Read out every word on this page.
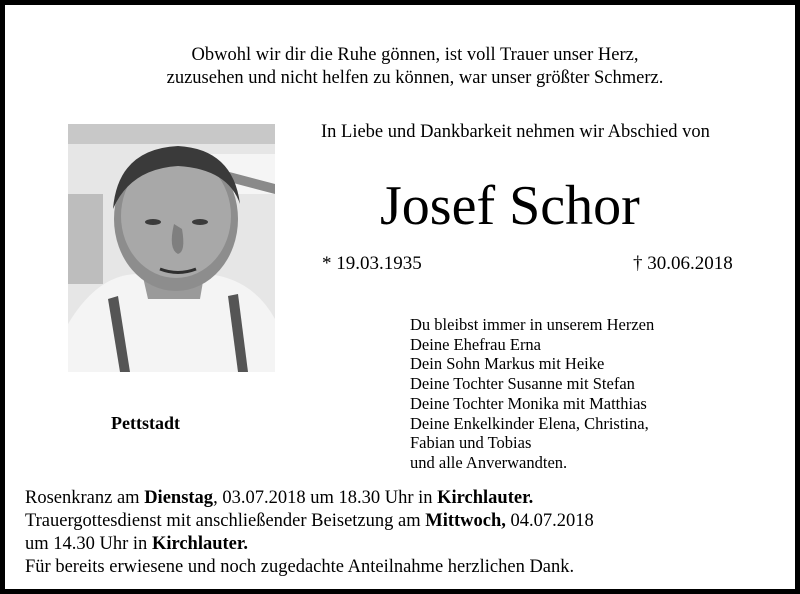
Obwohl wir dir die Ruhe gönnen, ist voll Trauer unser Herz,
zuzusehen und nicht helfen zu können, war unser größter Schmerz.
Pettstadt
In Liebe und Dankbarkeit nehmen wir Abschied von
Josef Schor
* 19.03.1935	† 30.06.2018
Du bleibst immer in unserem Herzen
Deine Ehefrau Erna
Dein Sohn Markus mit Heike
Deine Tochter Susanne mit Stefan
Deine Tochter Monika mit Matthias
Deine Enkelkinder Elena, Christina,
Fabian und Tobias
und alle Anverwandten.
Rosenkranz am Dienstag, 03.07.2018 um 18.30 Uhr in Kirchlauter.
Trauergottesdienst mit anschließender Beisetzung am Mittwoch, 04.07.2018
um 14.30 Uhr in Kirchlauter.
Für bereits erwiesene und noch zugedachte Anteilnahme herzlichen Dank.
